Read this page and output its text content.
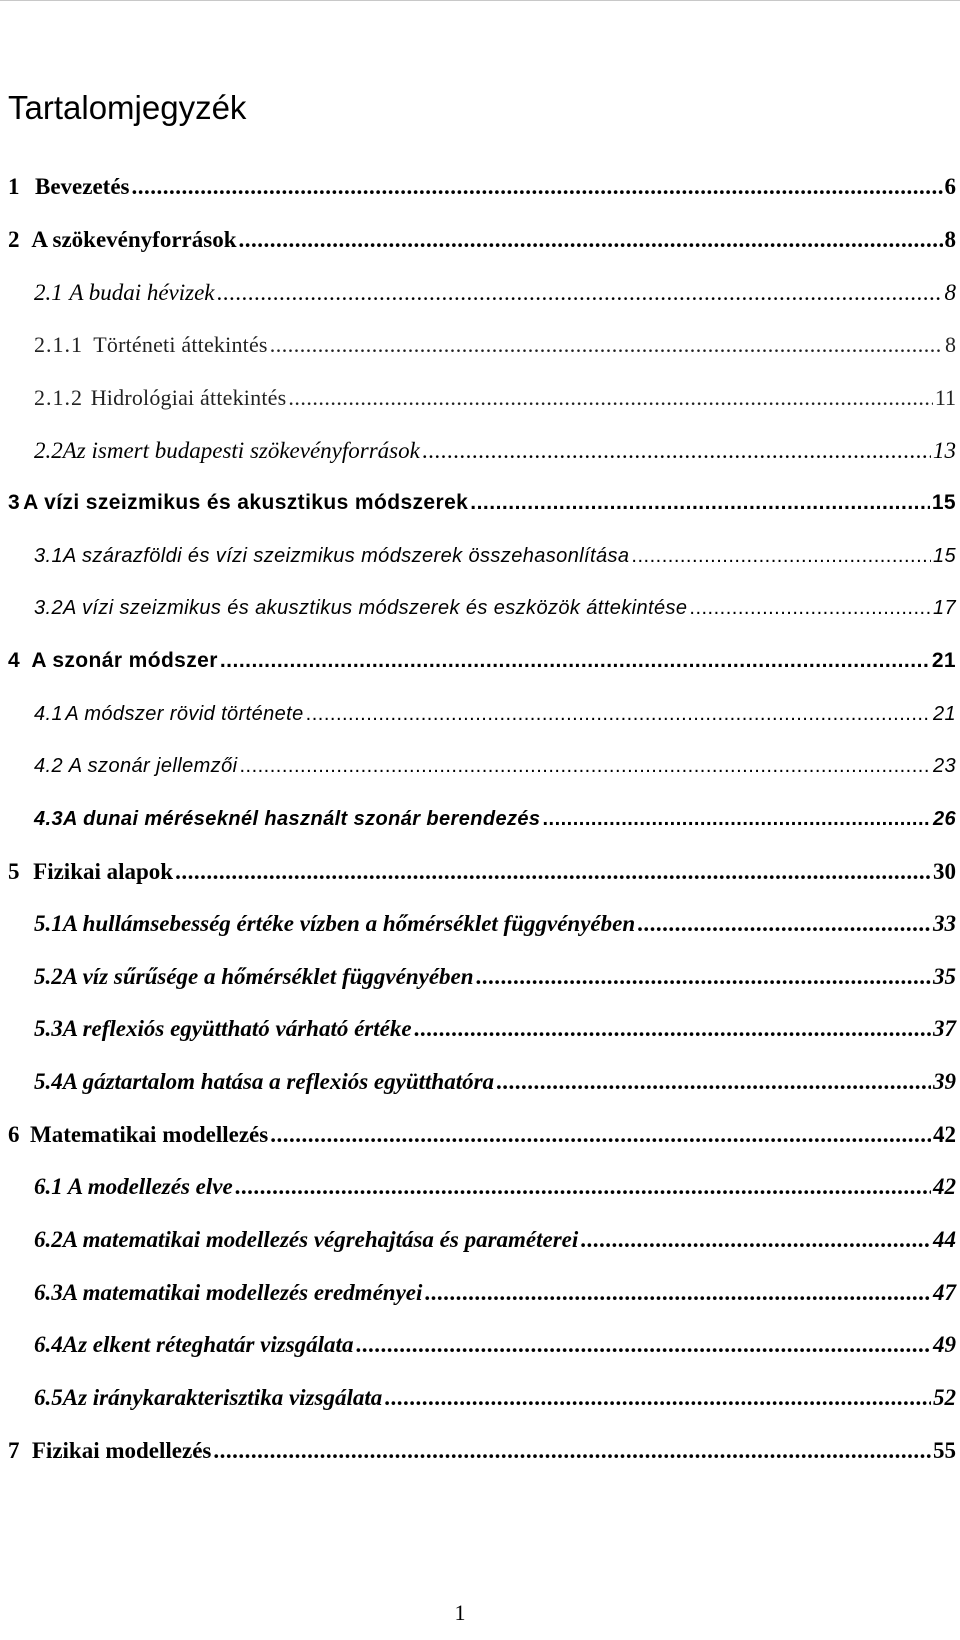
Tartalomjegyzék
1 Bevezetés .....	6
2 A szökevényforrások .....	8
2.1 A budai hévizek .....	8
2.1.1 Történeti áttekintés .....	8
2.1.2 Hidrológiai áttekintés .....	11
2.2 Az ismert budapesti szökevényforrások .....	13
3 A vízi szeizmikus és akusztikus módszerek .....	15
3.1 A szárazföldi és vízi szeizmikus módszerek összehasonlítása .....	15
3.2 A vízi szeizmikus és akusztikus módszerek és eszközök áttekintése .....	17
4 A szonár módszer .....	21
4.1 A módszer rövid története .....	21
4.2 A szonár jellemzői .....	23
4.3 A dunai méréseknél használt szonár berendezés .....	26
5 Fizikai alapok .....	30
5.1 A hullámsebesség értéke vízben a hőmérséklet függvényében .....	33
5.2 A víz sűrűsége a hőmérséklet függvényében .....	35
5.3 A reflexiós együttható várható értéke .....	37
5.4 A gáztartalom hatása a reflexiós együtthatóra .....	39
6 Matematikai modellezés .....	42
6.1 A modellezés elve .....	42
6.2 A matematikai modellezés végrehajtása és paraméterei .....	44
6.3 A matematikai modellezés eredményei .....	47
6.4 Az elkent réteghatár vizsgálata .....	49
6.5 Az iránykarakterisztika vizsgálata .....	52
7 Fizikai modellezés .....	55
1
